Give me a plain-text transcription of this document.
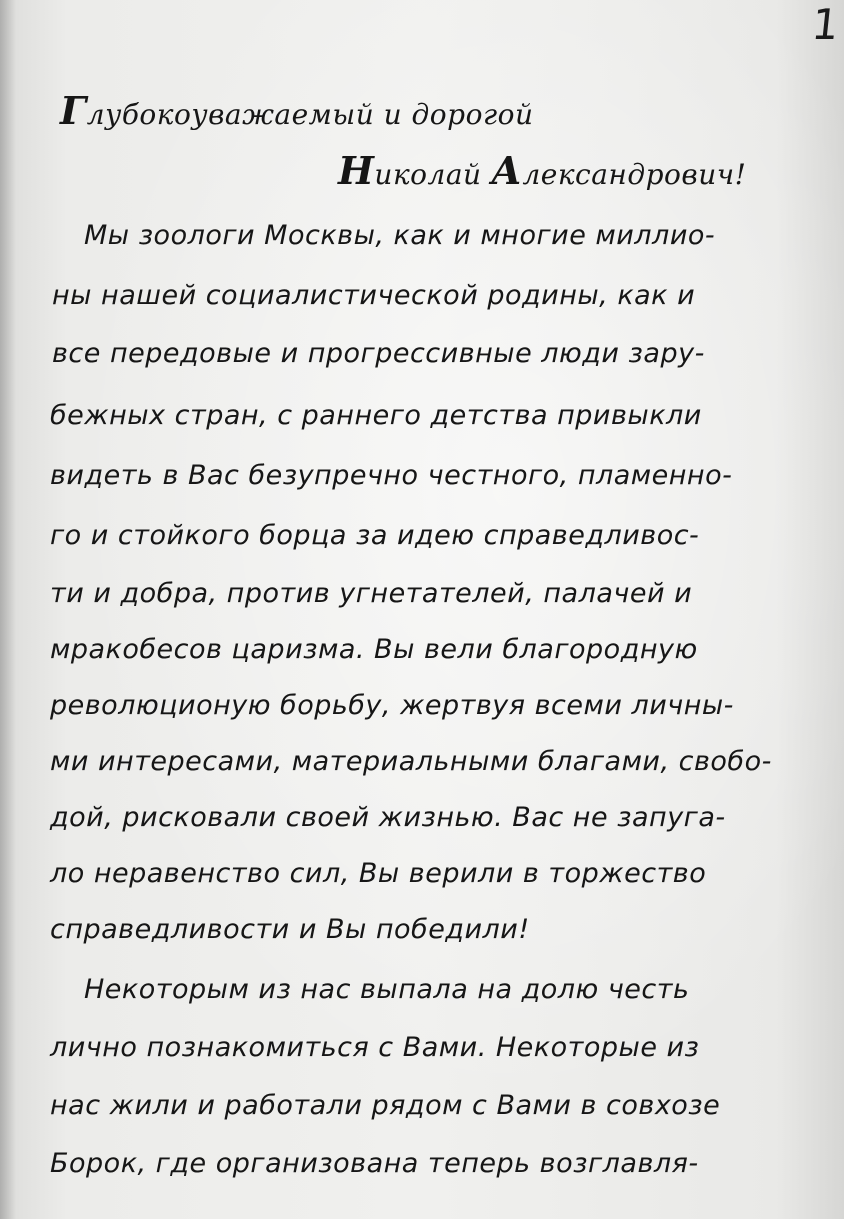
1
Глубокоуважаемый и дорогой
Николай Александрович!
Мы зоологи Москвы, как и многие миллио-
ны нашей социалистической родины, как и
все передовые и прогрессивные люди зару-
бежных стран, с раннего детства привыкли
видеть в Вас безупречно честного, пламенно-
го и стойкого борца за идею справедливос-
ти и добра, против угнетателей, палачей и
мракобесов царизма. Вы вели благородную
революционую борьбу, жертвуя всеми личны-
ми интересами, материальными благами, свобо-
дой, рисковали своей жизнью. Вас не запуга-
ло неравенство сил, Вы верили в торжество
справедливости и Вы победили!
Некоторым из нас выпала на долю честь
лично познакомиться с Вами. Некоторые из
нас жили и работали рядом с Вами в совхозе
Борок, где организована теперь возглавля-
